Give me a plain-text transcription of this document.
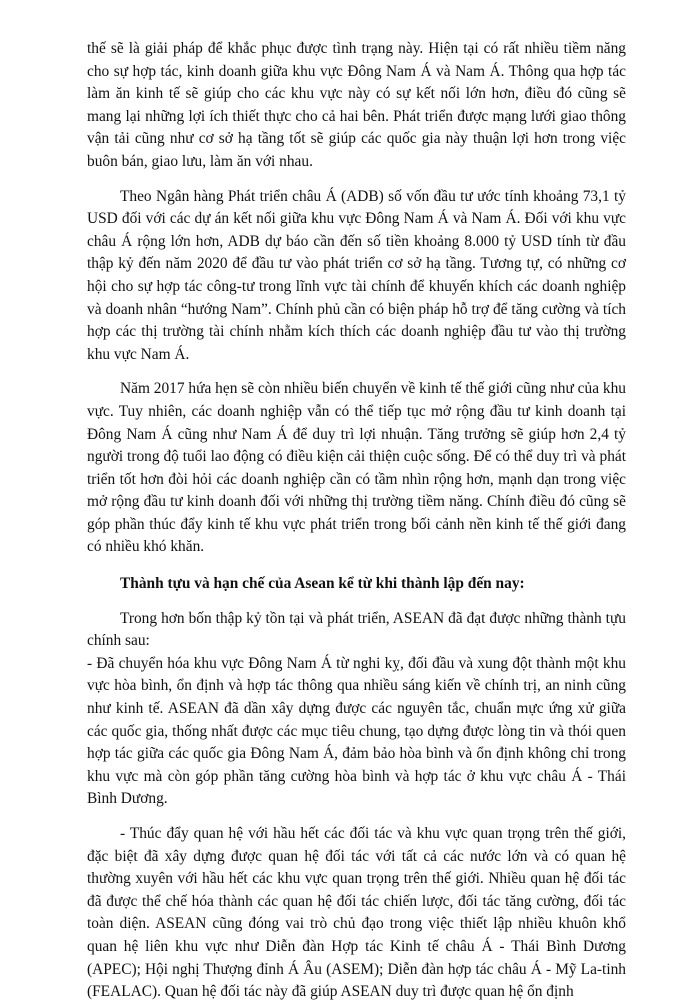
thế sẽ là giải pháp để khắc phục được tình trạng này. Hiện tại có rất nhiều tiềm năng cho sự hợp tác, kinh doanh giữa khu vực Đông Nam Á và Nam Á. Thông qua hợp tác làm ăn kinh tế sẽ giúp cho các khu vực này có sự kết nối lớn hơn, điều đó cũng sẽ mang lại những lợi ích thiết thực cho cả hai bên. Phát triển được mạng lưới giao thông vận tải cũng như cơ sở hạ tầng tốt sẽ giúp các quốc gia này thuận lợi hơn trong việc buôn bán, giao lưu, làm ăn với nhau.

Theo Ngân hàng Phát triển châu Á (ADB) số vốn đầu tư ước tính khoảng 73,1 tỷ USD đối với các dự án kết nối giữa khu vực Đông Nam Á và Nam Á. Đối với khu vực châu Á rộng lớn hơn, ADB dự báo cần đến số tiền khoảng 8.000 tỷ USD tính từ đầu thập kỷ đến năm 2020 để đầu tư vào phát triển cơ sở hạ tầng. Tương tự, có những cơ hội cho sự hợp tác công-tư trong lĩnh vực tài chính để khuyến khích các doanh nghiệp và doanh nhân “hướng Nam”. Chính phủ cần có biện pháp hỗ trợ để tăng cường và tích hợp các thị trường tài chính nhằm kích thích các doanh nghiệp đầu tư vào thị trường khu vực Nam Á.

Năm 2017 hứa hẹn sẽ còn nhiều biến chuyển về kinh tế thế giới cũng như của khu vực. Tuy nhiên, các doanh nghiệp vẫn có thể tiếp tục mở rộng đầu tư kinh doanh tại Đông Nam Á cũng như Nam Á để duy trì lợi nhuận. Tăng trưởng sẽ giúp hơn 2,4 tỷ người trong độ tuổi lao động có điều kiện cải thiện cuộc sống. Để có thể duy trì và phát triển tốt hơn đòi hỏi các doanh nghiệp cần có tầm nhìn rộng hơn, mạnh dạn trong việc mở rộng đầu tư kinh doanh đối với những thị trường tiềm năng. Chính điều đó cũng sẽ góp phần thúc đẩy kinh tế khu vực phát triển trong bối cảnh nền kinh tế thế giới đang có nhiều khó khăn.

Thành tựu và hạn chế của Asean kể từ khi thành lập đến nay:

Trong hơn bốn thập kỷ tồn tại và phát triển, ASEAN đã đạt được những thành tựu chính sau:

- Đã chuyển hóa khu vực Đông Nam Á từ nghi kỵ, đối đầu và xung đột thành một khu vực hòa bình, ổn định và hợp tác thông qua nhiều sáng kiến về chính trị, an ninh cũng như kinh tế. ASEAN đã dần xây dựng được các nguyên tắc, chuẩn mực ứng xử giữa các quốc gia, thống nhất được các mục tiêu chung, tạo dựng được lòng tin và thói quen hợp tác giữa các quốc gia Đông Nam Á, đảm bảo hòa bình và ổn định không chỉ trong khu vực mà còn góp phần tăng cường hòa bình và hợp tác ở khu vực châu Á - Thái Bình Dương.

- Thúc đẩy quan hệ với hầu hết các đối tác và khu vực quan trọng trên thế giới, đặc biệt đã xây dựng được quan hệ đối tác với tất cả các nước lớn và có quan hệ thường xuyên với hầu hết các khu vực quan trọng trên thế giới. Nhiều quan hệ đối tác đã được thể chế hóa thành các quan hệ đối tác chiến lược, đối tác tăng cường, đối tác toàn diện. ASEAN cũng đóng vai trò chủ đạo trong việc thiết lập nhiều khuôn khổ quan hệ liên khu vực như Diễn đàn Hợp tác Kinh tế châu Á - Thái Bình Dương (APEC); Hội nghị Thượng đỉnh Á Âu (ASEM); Diễn đàn hợp tác châu Á - Mỹ La-tinh (FEALAC). Quan hệ đối tác này đã giúp ASEAN duy trì được quan hệ ổn định
